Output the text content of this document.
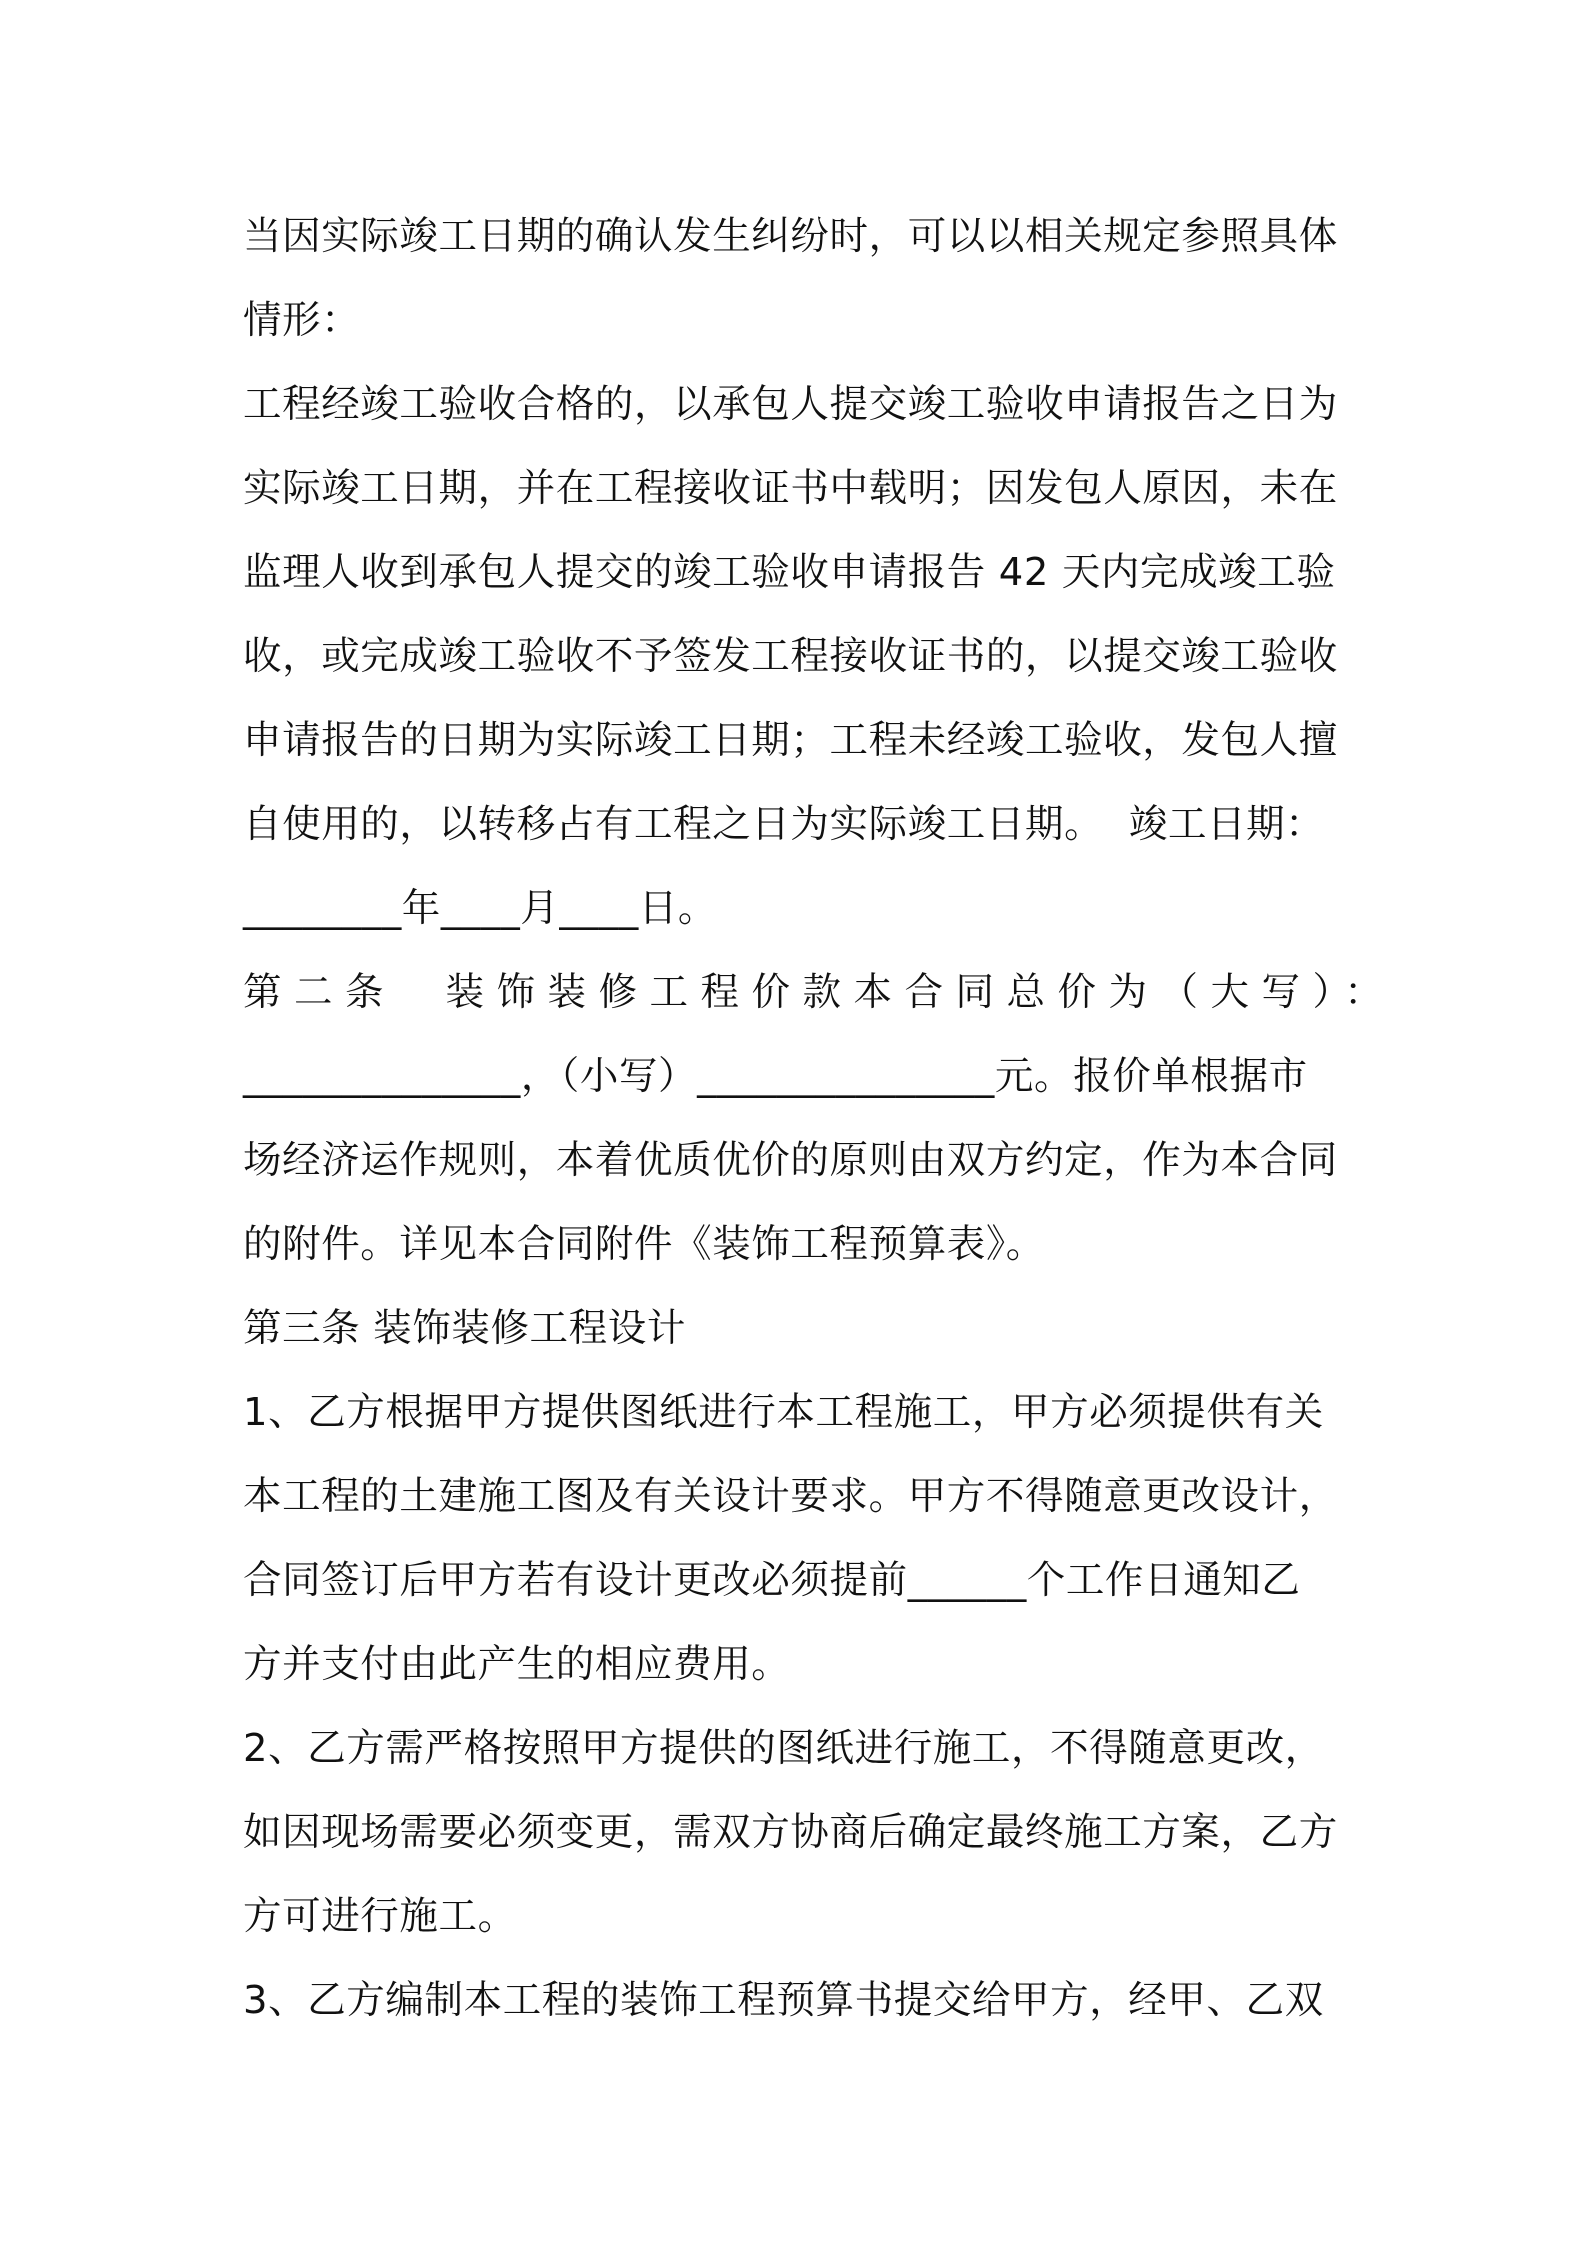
当因实际竣工日期的确认发生纠纷时，可以以相关规定参照具体
情形：
工程经竣工验收合格的，以承包人提交竣工验收申请报告之日为
实际竣工日期，并在工程接收证书中载明；因发包人原因，未在
监理人收到承包人提交的竣工验收申请报告 42 天内完成竣工验
收，或完成竣工验收不予签发工程接收证书的，以提交竣工验收
申请报告的日期为实际竣工日期；工程未经竣工验收，发包人擅
自使用的，以转移占有工程之日为实际竣工日期。  竣工日期：
________年____月____日。
第二条  装饰装修工程价款本合同总价为（大写）：
______________，（小写）_______________元。报价单根据市
场经济运作规则，本着优质优价的原则由双方约定，作为本合同
的附件。详见本合同附件《装饰工程预算表》。
第三条 装饰装修工程设计
1、乙方根据甲方提供图纸进行本工程施工，甲方必须提供有关
本工程的土建施工图及有关设计要求。甲方不得随意更改设计，
合同签订后甲方若有设计更改必须提前______个工作日通知乙
方并支付由此产生的相应费用。
2、乙方需严格按照甲方提供的图纸进行施工，不得随意更改，
如因现场需要必须变更，需双方协商后确定最终施工方案，乙方
方可进行施工。
3、乙方编制本工程的装饰工程预算书提交给甲方，经甲、乙双
